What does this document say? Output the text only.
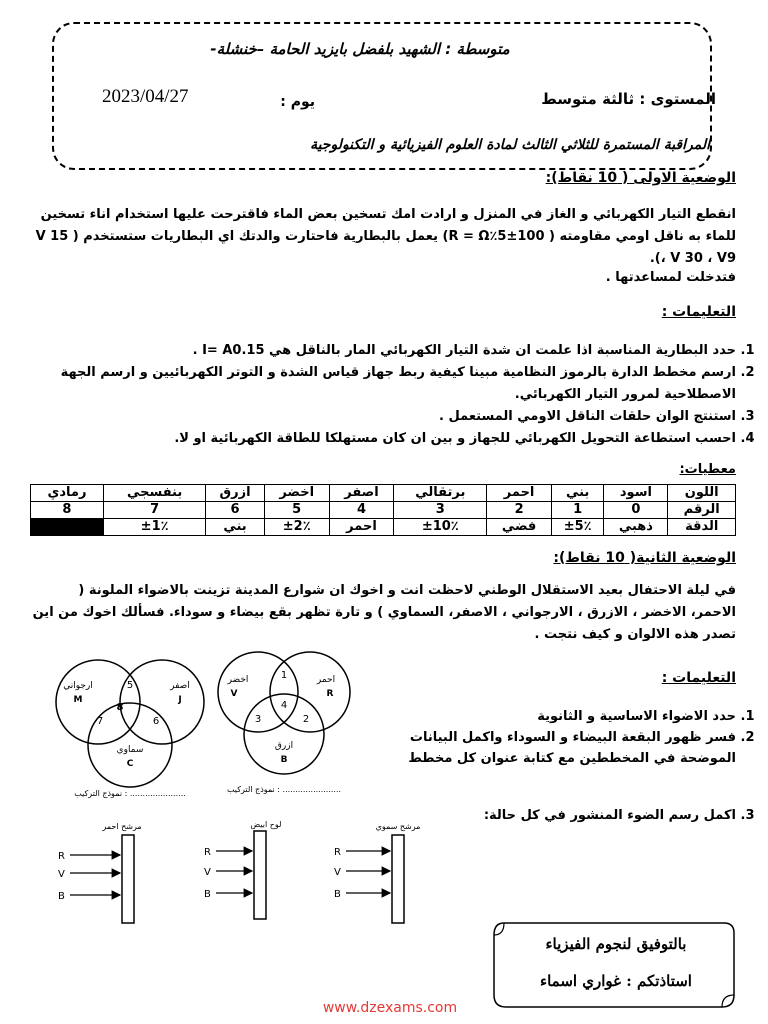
متوسطة : الشهيد بلفضل بايزيد الحامة –خنشلة-
المستوى : ثالثة متوسط
يوم :
2023/04/27
المراقبة المستمرة للثلاثي الثالث لمادة العلوم الفيزيائية و التكنولوجية
الوضعية الاولى ( 10 نقاط):
انقطع التيار الكهربائي و الغاز في المنزل و ارادت امك تسخين بعض الماء فاقترحت عليها استخدام اناء تسخين للماء به ناقل اومي مقاومته ( R = Ω٪5±100) يعمل بالبطارية فاحتارت والدتك اي البطاريات ستستخدم ( V 15 ، V 30 ، V9).
فتدخلت لمساعدتها .
التعليمات :
1. حدد البطارية المناسبة اذا علمت ان شدة التيار الكهربائي المار بالناقل هي I= A0.15 .
2. ارسم مخطط الدارة بالرموز النظامية مبينا كيفية ربط جهاز قياس الشدة و التوتر الكهربائيين و ارسم الجهة الاصطلاحية لمرور التيار الكهربائي.
3. استنتج الوان حلقات الناقل الاومي المستعمل .
4. احسب استطاعة التحويل الكهربائي للجهاز و بين ان كان مستهلكا للطاقة الكهربائية او لا.
معطيات:
اللون	اسود	بني	احمر	برتقالي	اصفر	اخضر	ازرق	بنفسجي	رمادي
الرقم	0	1	2	3	4	5	6	7	8
الدقة	ذهبي	±5٪	فضي	±10٪	احمر	±2٪	بني	±1٪	
الوضعية الثانية( 10 نقاط):
في ليلة الاحتفال بعيد الاستقلال الوطني لاحظت انت و اخوك ان شوارع المدينة تزينت بالاضواء الملونة ( الاحمر، الاخضر ، الازرق ، الارجواني ، الاصفر، السماوي ) و تارة تظهر بقع بيضاء و سوداء. فسألك اخوك من اين تصدر هذه الالوان و كيف نتجت .
التعليمات :
1. حدد الاضواء الاساسية و الثانوية
2. فسر ظهور البقعة البيضاء و السوداء واكمل البيانات الموضحة في المخططين مع كتابة عنوان كل مخطط
3. اكمل رسم الضوء المنشور في كل حالة:
ارجواني
M
اصفر
J
سماوي
C
5
6
7
8
نموذج التركيب : ......................
احمر
R
اخضر
V
ازرق
B
1
2
3
4
نموذج التركيب : .......................
مرشح احمر
R
V
B
لوح ابيض
R
V
B
مرشح سموي
R
V
B
بالتوفيق لنجوم الفيزياء
استاذتكم : غواري اسماء
www.dzexams.com
